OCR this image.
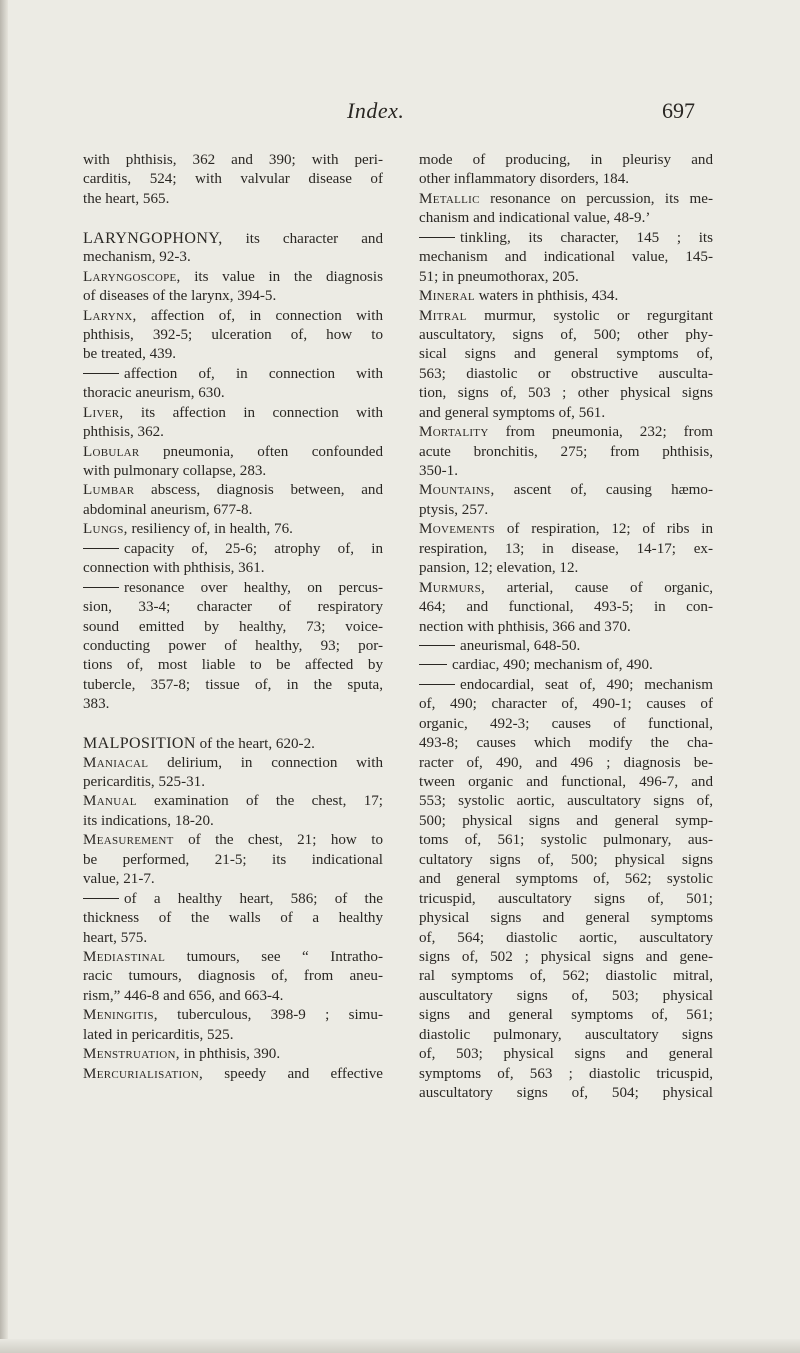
Index.	697
with phthisis, 362 and 390; with peri-
carditis, 524; with valvular disease of
the heart, 565.
LARYNGOPHONY, its character and
mechanism, 92-3.
Laryngoscope, its value in the diagnosis
of diseases of the larynx, 394-5.
Larynx, affection of, in connection with
phthisis, 392-5; ulceration of, how to
be treated, 439.
affection of, in connection with
thoracic aneurism, 630.
Liver, its affection in connection with
phthisis, 362.
Lobular pneumonia, often confounded
with pulmonary collapse, 283.
Lumbar abscess, diagnosis between, and
abdominal aneurism, 677-8.
Lungs, resiliency of, in health, 76.
capacity of, 25-6; atrophy of, in
connection with phthisis, 361.
resonance over healthy, on percus-
sion, 33-4; character of respiratory
sound emitted by healthy, 73; voice-
conducting power of healthy, 93; por-
tions of, most liable to be affected by
tubercle, 357-8; tissue of, in the sputa,
383.
MALPOSITION of the heart, 620-2.
Maniacal delirium, in connection with
pericarditis, 525-31.
Manual examination of the chest, 17;
its indications, 18-20.
Measurement of the chest, 21; how to
be performed, 21-5; its indicational
value, 21-7.
of a healthy heart, 586; of the
thickness of the walls of a healthy
heart, 575.
Mediastinal tumours, see “ Intratho-
racic tumours, diagnosis of, from aneu-
rism,” 446-8 and 656, and 663-4.
Meningitis, tuberculous, 398-9 ; simu-
lated in pericarditis, 525.
Menstruation, in phthisis, 390.
Mercurialisation, speedy and effective
mode of producing, in pleurisy and
other inflammatory disorders, 184.
Metallic resonance on percussion, its me-
chanism and indicational value, 48-9.’
tinkling, its character, 145 ; its
mechanism and indicational value, 145-
51; in pneumothorax, 205.
Mineral waters in phthisis, 434.
Mitral murmur, systolic or regurgitant
auscultatory, signs of, 500; other phy-
sical signs and general symptoms of,
563; diastolic or obstructive ausculta-
tion, signs of, 503 ; other physical signs
and general symptoms of, 561.
Mortality from pneumonia, 232; from
acute bronchitis, 275; from phthisis,
350-1.
Mountains, ascent of, causing hæmo-
ptysis, 257.
Movements of respiration, 12; of ribs in
respiration, 13; in disease, 14-17; ex-
pansion, 12; elevation, 12.
Murmurs, arterial, cause of organic,
464; and functional, 493-5; in con-
nection with phthisis, 366 and 370.
aneurismal, 648-50.
cardiac, 490; mechanism of, 490.
endocardial, seat of, 490; mechanism
of, 490; character of, 490-1; causes of
organic, 492-3; causes of functional,
493-8; causes which modify the cha-
racter of, 490, and 496 ; diagnosis be-
tween organic and functional, 496-7, and
553; systolic aortic, auscultatory signs of,
500; physical signs and general symp-
toms of, 561; systolic pulmonary, aus-
cultatory signs of, 500; physical signs
and general symptoms of, 562; systolic
tricuspid, auscultatory signs of, 501;
physical signs and general symptoms
of, 564; diastolic aortic, auscultatory
signs of, 502 ; physical signs and gene-
ral symptoms of, 562; diastolic mitral,
auscultatory signs of, 503; physical
signs and general symptoms of, 561;
diastolic pulmonary, auscultatory signs
of, 503; physical signs and general
symptoms of, 563 ; diastolic tricuspid,
auscultatory signs of, 504; physical
